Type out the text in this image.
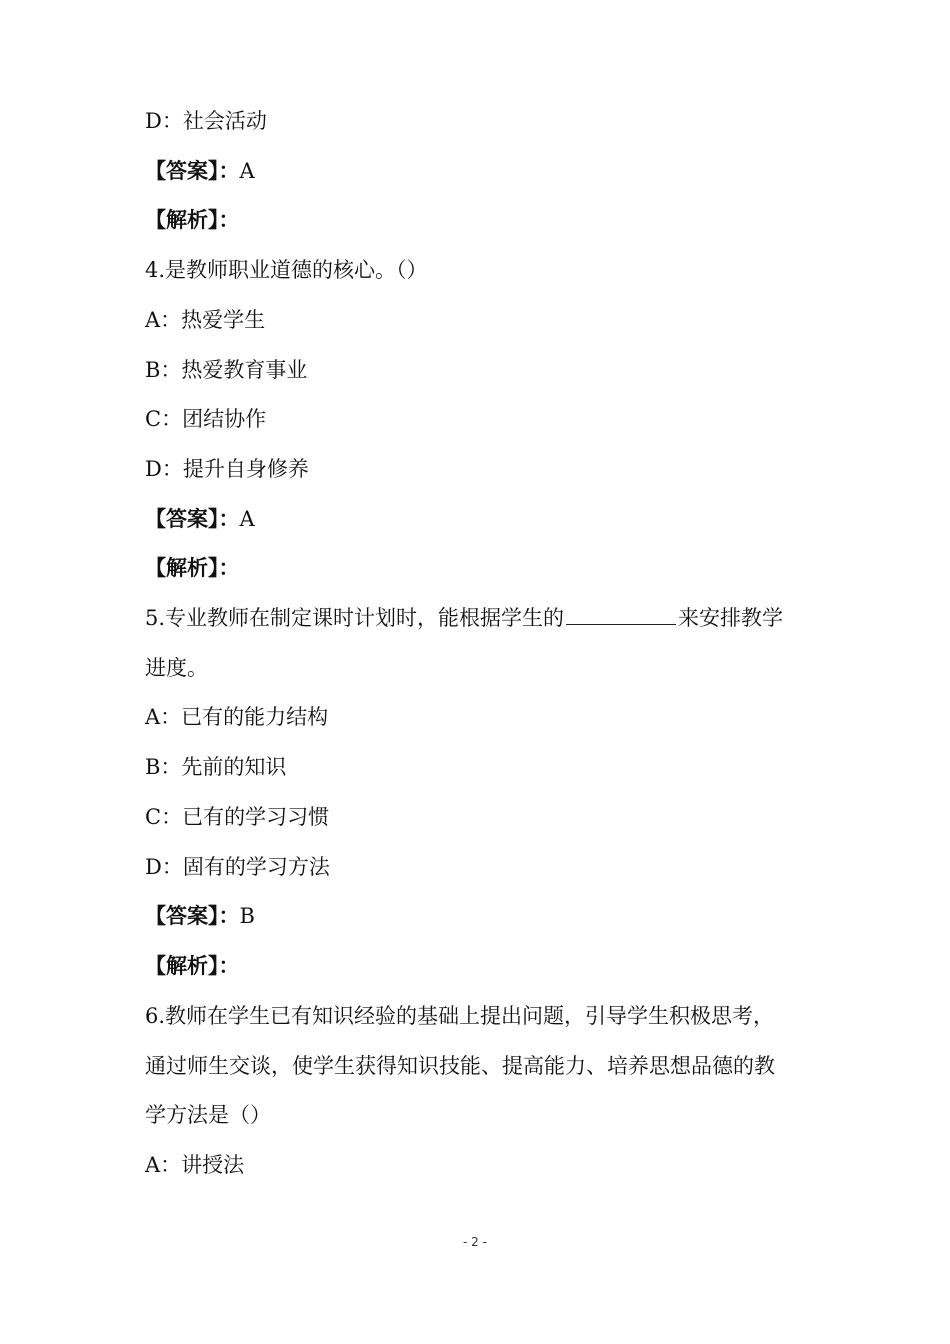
D：社会活动
【答案】：A
【解析】：
4.是教师职业道德的核心。（）
A：热爱学生
B：热爱教育事业
C：团结协作
D：提升自身修养
【答案】：A
【解析】：
5.专业教师在制定课时计划时，能根据学生的	来安排教学
进度。
A：已有的能力结构
B：先前的知识
C：已有的学习习惯
D：固有的学习方法
【答案】：B
【解析】：
6.教师在学生已有知识经验的基础上提出问题，引导学生积极思考，
通过师生交谈，使学生获得知识技能、提高能力、培养思想品德的教
学方法是（）
A：讲授法
- 2 -
